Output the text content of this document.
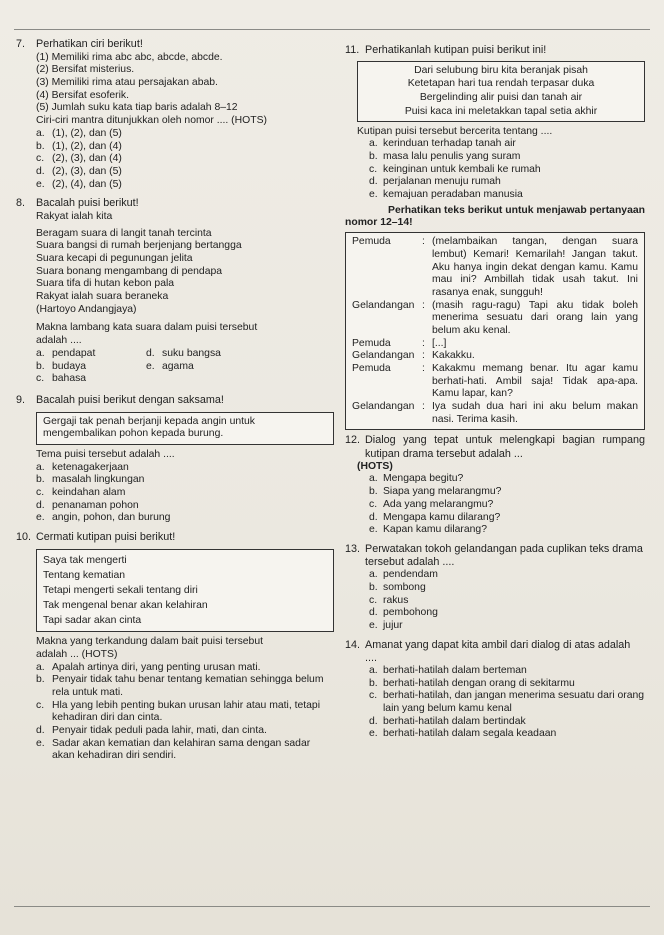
7. Perhatikan ciri berikut!
(1) Memiliki rima abc abc, abcde, abcde.
(2) Bersifat misterius.
(3) Memiliki rima atau persajakan abab.
(4) Bersifat esoferik.
(5) Jumlah suku kata tiap baris adalah 8–12
Ciri-ciri mantra ditunjukkan oleh nomor .... (HOTS)
a. (1), (2), dan (5)
b. (1), (2), dan (4)
c. (2), (3), dan (4)
d. (2), (3), dan (5)
e. (2), (4), dan (5)
8. Bacalah puisi berikut!
Rakyat ialah kita
Beragam suara di langit tanah tercinta
Suara bangsi di rumah berjenjang bertangga
Suara kecapi di pegunungan jelita
Suara bonang mengambang di pendapa
Suara tifa di hutan kebon pala
Rakyat ialah suara beraneka
(Hartoyo Andangjaya)
Makna lambang kata suara dalam puisi tersebut
adalah ....
a. pendapat	d. suku bangsa
b. budaya	e. agama
c. bahasa
9. Bacalah puisi berikut dengan saksama!
Gergaji tak penah berjanji kepada angin untuk
mengembalikan pohon kepada burung.
Tema puisi tersebut adalah ....
a. ketenagakerjaan
b. masalah lingkungan
c. keindahan alam
d. penanaman pohon
e. angin, pohon, dan burung
10. Cermati kutipan puisi berikut!
Saya tak mengerti
Tentang kematian
Tetapi mengerti sekali tentang diri
Tak mengenal benar akan kelahiran
Tapi sadar akan cinta
Makna yang terkandung dalam bait puisi tersebut
adalah ... (HOTS)
a. Apalah artinya diri, yang penting urusan mati.
b. Penyair tidak tahu benar tentang kematian sehingga belum rela untuk mati.
c. Hla yang lebih penting bukan urusan lahir atau mati, tetapi kehadiran diri dan cinta.
d. Penyair tidak peduli pada lahir, mati, dan cinta.
e. Sadar akan kematian dan kelahiran sama dengan sadar akan kehadiran diri sendiri.
11. Perhatikanlah kutipan puisi berikut ini!
Dari selubung biru kita beranjak pisah
Ketetapan hari tua rendah terpasar duka
Bergelinding alir puisi dan tanah air
Puisi kaca ini meletakkan tapal setia akhir
Kutipan puisi tersebut bercerita tentang ....
a. kerinduan terhadap tanah air
b. masa lalu penulis yang suram
c. keinginan untuk kembali ke rumah
d. perjalanan menuju rumah
e. kemajuan peradaban manusia
Perhatikan teks berikut untuk menjawab pertanyaan
nomor 12–14!
Pemuda	: (melambaikan tangan, dengan suara lembut) Kemari! Kemarilah! Jangan takut. Aku hanya ingin dekat dengan kamu. Kamu mau ini? Ambillah tidak usah takut. Ini rasanya enak, sungguh!
Gelandangan : (masih ragu-ragu) Tapi aku tidak boleh menerima sesuatu dari orang lain yang belum aku kenal.
Pemuda	: [...]
Gelandangan : Kakakku.
Pemuda	: Kakakmu memang benar. Itu agar kamu berhati-hati. Ambil saja! Tidak apa-apa. Kamu lapar, kan?
Gelandangan : Iya sudah dua hari ini aku belum makan nasi. Terima kasih.
12. Dialog yang tepat untuk melengkapi bagian rumpang kutipan drama tersebut adalah ...
(HOTS)
a. Mengapa begitu?
b. Siapa yang melarangmu?
c. Ada yang melarangmu?
d. Mengapa kamu dilarang?
e. Kapan kamu dilarang?
13. Perwatakan tokoh gelandangan pada cuplikan teks drama tersebut adalah ....
a. pendendam
b. sombong
c. rakus
d. pembohong
e. jujur
14. Amanat yang dapat kita ambil dari dialog di atas adalah ....
a. berhati-hatilah dalam berteman
b. berhati-hatilah dengan orang di sekitarmu
c. berhati-hatilah, dan jangan menerima sesuatu dari orang lain yang belum kamu kenal
d. berhati-hatilah dalam bertindak
e. berhati-hatilah dalam segala keadaan
